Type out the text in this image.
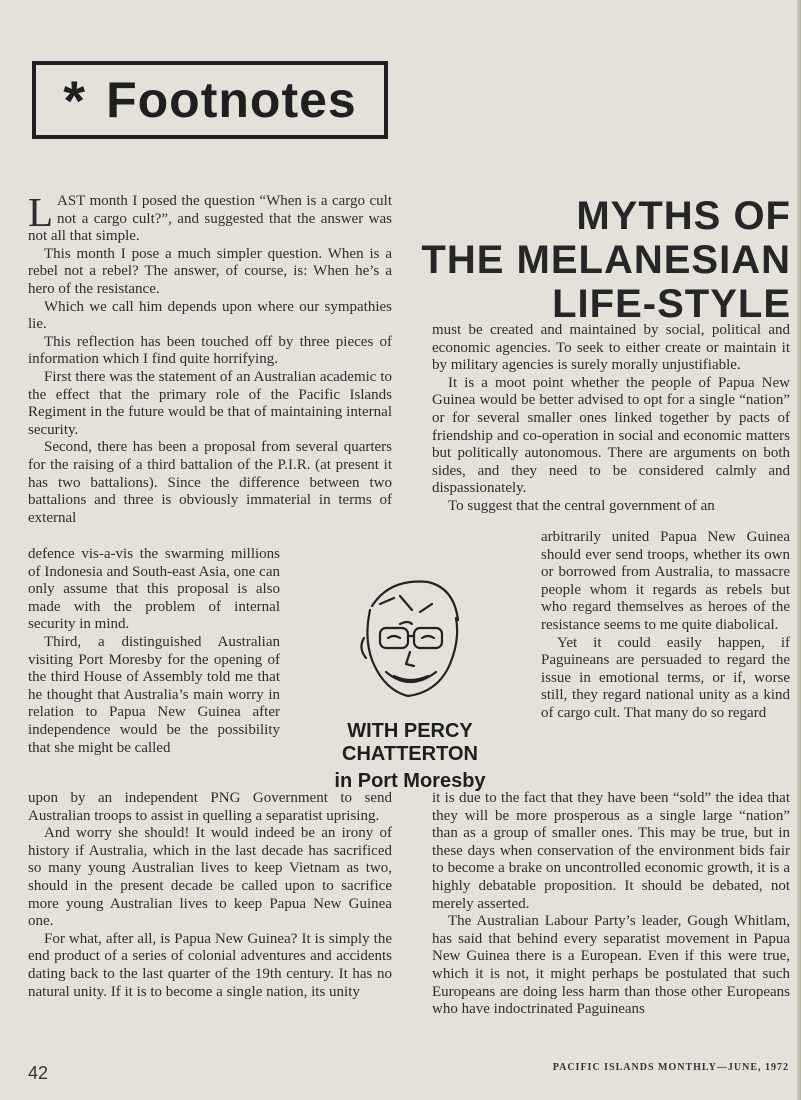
* Footnotes
MYTHS OF
THE MELANESIAN
LIFE-STYLE

LAST month I posed the question “When is a cargo cult not a cargo cult?”, and suggested that the answer was not all that simple.

This month I pose a much simpler question. When is a rebel not a rebel? The answer, of course, is: When he’s a hero of the resistance.

Which we call him depends upon where our sympathies lie.

This reflection has been touched off by three pieces of information which I find quite horrifying.

First there was the statement of an Australian academic to the effect that the primary role of the Pacific Islands Regiment in the future would be that of maintaining internal security.

Second, there has been a proposal from several quarters for the raising of a third battalion of the P.I.R. (at present it has two battalions). Since the difference between two battalions and three is obviously immaterial in terms of external

defence vis-a-vis the swarming millions of Indonesia and South-east Asia, one can only assume that this proposal is also made with the problem of internal security in mind.

Third, a distinguished Australian visiting Port Moresby for the opening of the third House of Assembly told me that he thought that Australia’s main worry in relation to Papua New Guinea after independence would be the possibility that she might be called

WITH PERCY CHATTERTON
in Port Moresby

upon by an independent PNG Government to send Australian troops to assist in quelling a separatist uprising.

And worry she should! It would indeed be an irony of history if Australia, which in the last decade has sacrificed so many young Australian lives to keep Vietnam as two, should in the present decade be called upon to sacrifice more young Australian lives to keep Papua New Guinea one.

For what, after all, is Papua New Guinea? It is simply the end product of a series of colonial adventures and accidents dating back to the last quarter of the 19th century. It has no natural unity. If it is to become a single nation, its unity

must be created and maintained by social, political and economic agencies. To seek to either create or maintain it by military agencies is surely morally unjustifiable.

It is a moot point whether the people of Papua New Guinea would be better advised to opt for a single “nation” or for several smaller ones linked together by pacts of friendship and co-operation in social and economic matters but politically autonomous. There are arguments on both sides, and they need to be considered calmly and dispassionately.

To suggest that the central government of an

arbitrarily united Papua New Guinea should ever send troops, whether its own or borrowed from Australia, to massacre people whom it regards as rebels but who regard themselves as heroes of the resistance seems to me quite diabolical.

Yet it could easily happen, if Paguineans are persuaded to regard the issue in emotional terms, or if, worse still, they regard national unity as a kind of cargo cult. That many do so regard

it is due to the fact that they have been “sold” the idea that they will be more prosperous as a single large “nation” than as a group of smaller ones. This may be true, but in these days when conservation of the environment bids fair to become a brake on uncontrolled economic growth, it is a highly debatable proposition. It should be debated, not merely asserted.

The Australian Labour Party’s leader, Gough Whitlam, has said that behind every separatist movement in Papua New Guinea there is a European. Even if this were true, which it is not, it might perhaps be postulated that such Europeans are doing less harm than those other Europeans who have indoctrinated Paguineans

42	PACIFIC ISLANDS MONTHLY—JUNE, 1972
